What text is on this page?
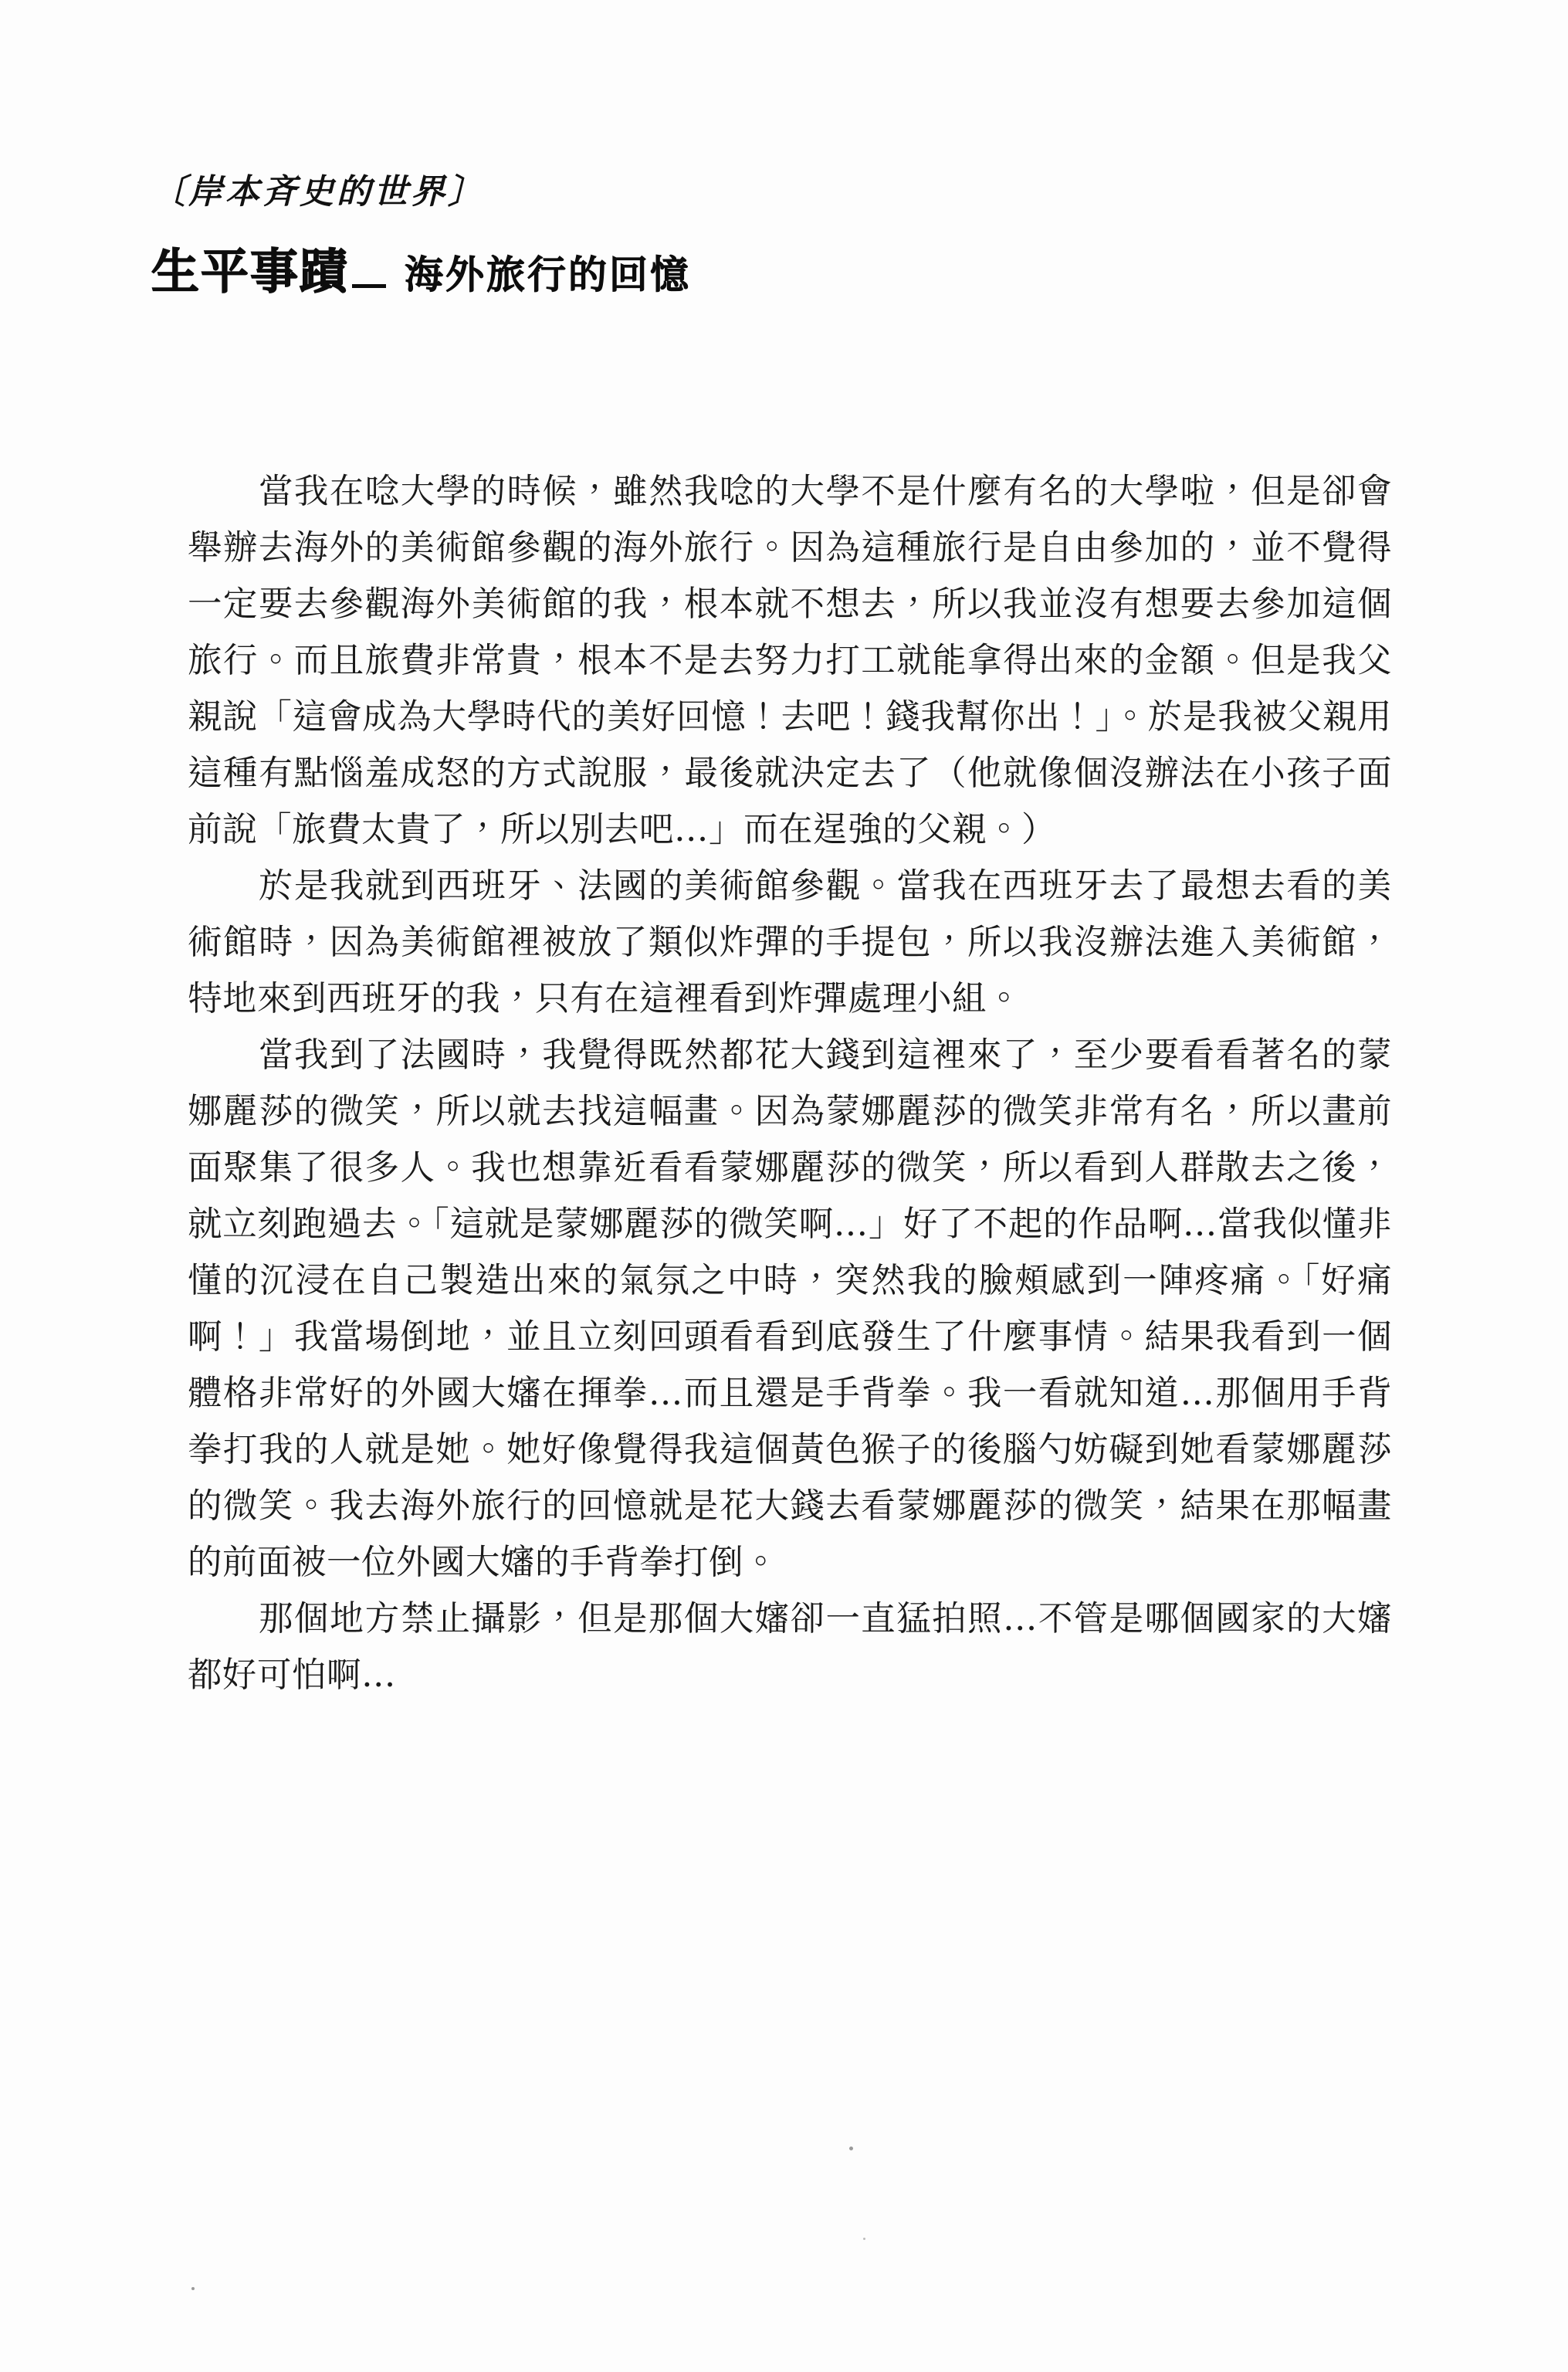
〔岸本斉史的世界〕
生平事蹟 海外旅行的回憶

當我在唸大學的時候，雖然我唸的大學不是什麼有名的大學啦，但是卻會舉辦去海外的美術館參觀的海外旅行。因為這種旅行是自由參加的，並不覺得一定要去參觀海外美術館的我，根本就不想去，所以我並沒有想要去參加這個旅行。而且旅費非常貴，根本不是去努力打工就能拿得出來的金額。但是我父親說「這會成為大學時代的美好回憶！去吧！錢我幫你出！」。於是我被父親用這種有點惱羞成怒的方式說服，最後就決定去了（他就像個沒辦法在小孩子面前說「旅費太貴了，所以別去吧…」而在逞強的父親。）

於是我就到西班牙、法國的美術館參觀。當我在西班牙去了最想去看的美術館時，因為美術館裡被放了類似炸彈的手提包，所以我沒辦法進入美術館，特地來到西班牙的我，只有在這裡看到炸彈處理小組。

當我到了法國時，我覺得既然都花大錢到這裡來了，至少要看看著名的蒙娜麗莎的微笑，所以就去找這幅畫。因為蒙娜麗莎的微笑非常有名，所以畫前面聚集了很多人。我也想靠近看看蒙娜麗莎的微笑，所以看到人群散去之後，就立刻跑過去。「這就是蒙娜麗莎的微笑啊…」好了不起的作品啊…當我似懂非懂的沉浸在自己製造出來的氣氛之中時，突然我的臉頰感到一陣疼痛。「好痛啊！」我當場倒地，並且立刻回頭看看到底發生了什麼事情。結果我看到一個體格非常好的外國大嬸在揮拳…而且還是手背拳。我一看就知道…那個用手背拳打我的人就是她。她好像覺得我這個黃色猴子的後腦勺妨礙到她看蒙娜麗莎的微笑。我去海外旅行的回憶就是花大錢去看蒙娜麗莎的微笑，結果在那幅畫的前面被一位外國大嬸的手背拳打倒。

那個地方禁止攝影，但是那個大嬸卻一直猛拍照…不管是哪個國家的大嬸都好可怕啊…
